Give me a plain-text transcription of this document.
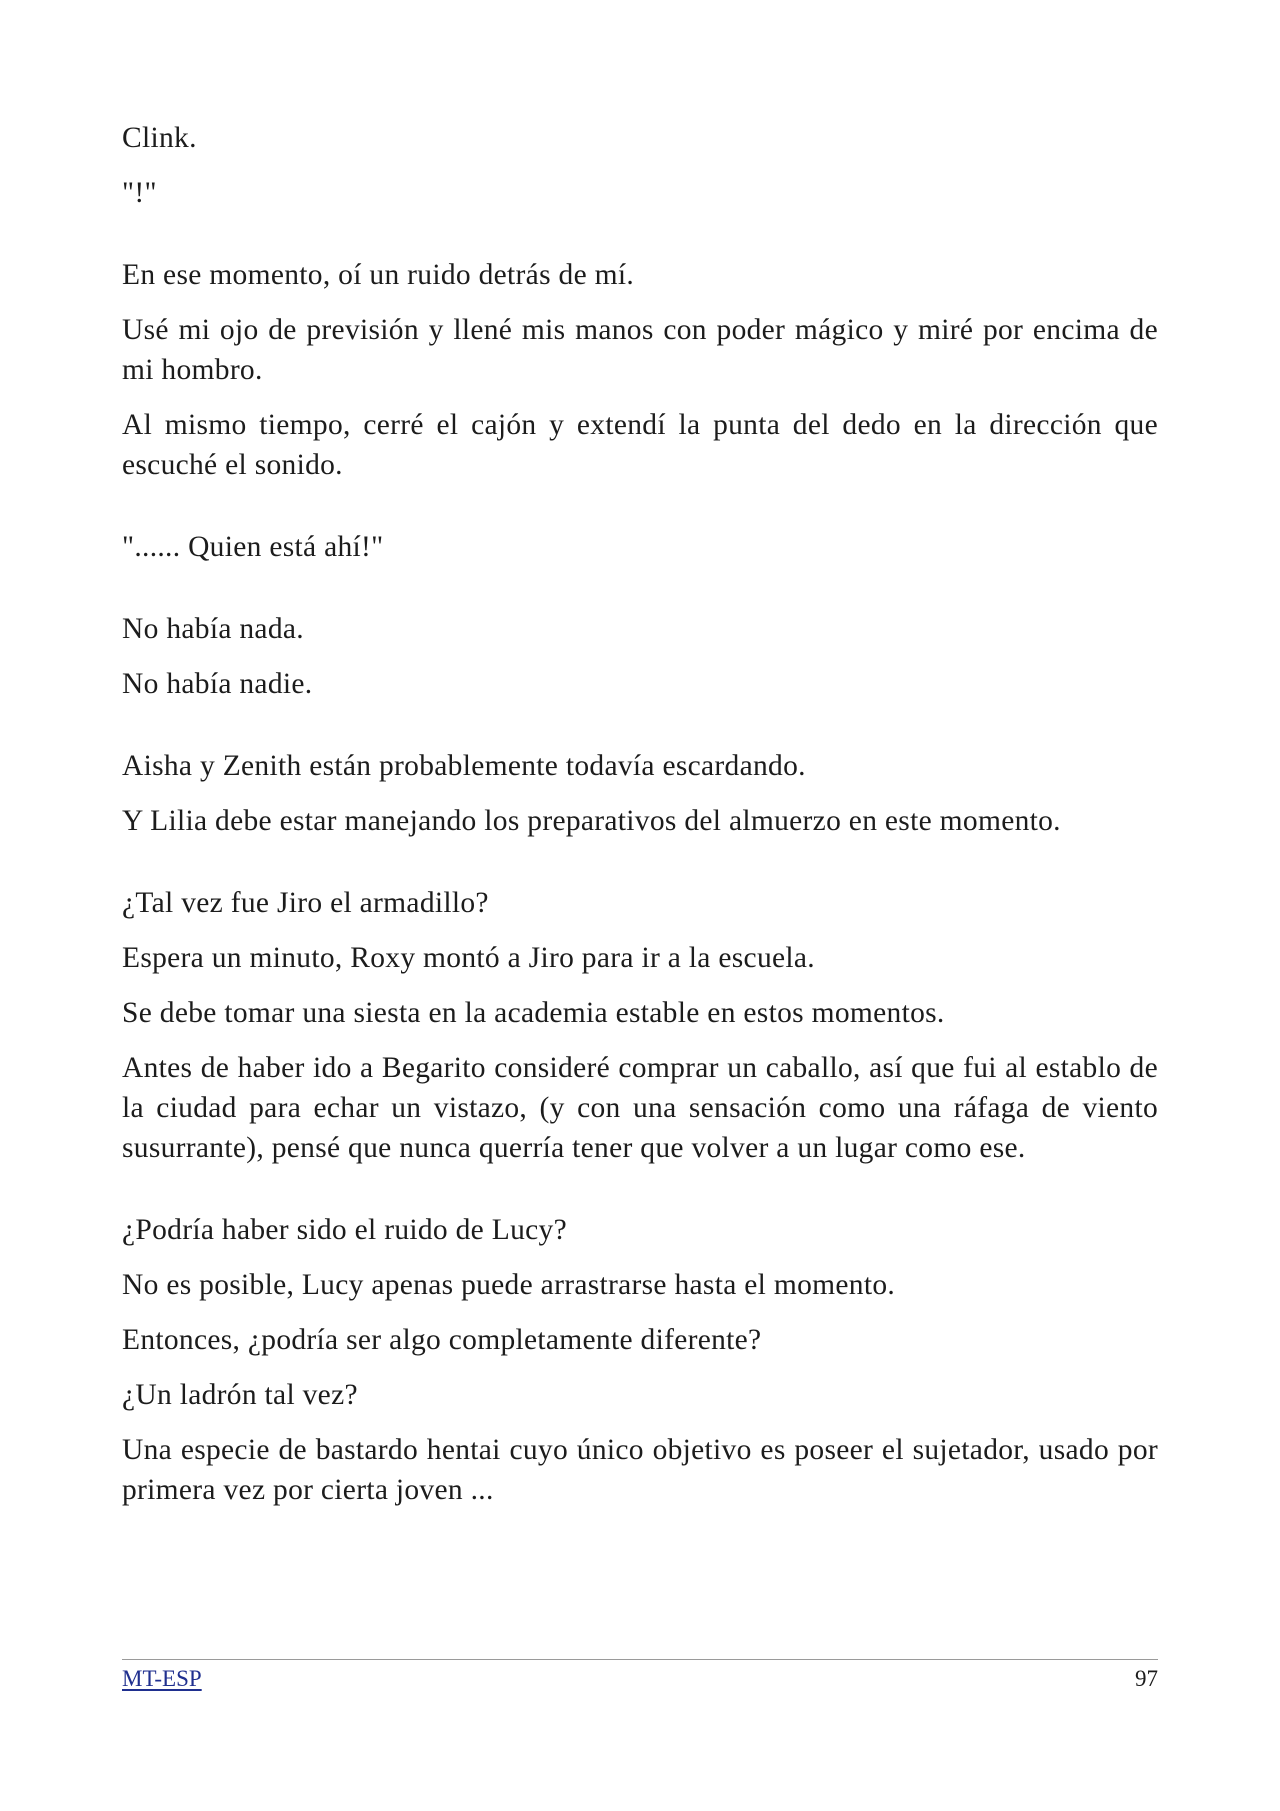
Clink.

"!"

En ese momento, oí un ruido detrás de mí.

Usé mi ojo de previsión y llené mis manos con poder mágico y miré por encima de mi hombro.

Al mismo tiempo, cerré el cajón y extendí la punta del dedo en la dirección que escuché el sonido.

"...... Quien está ahí!"

No había nada.

No había nadie.

Aisha y Zenith están probablemente todavía escardando.

Y Lilia debe estar manejando los preparativos del almuerzo en este momento.

¿Tal vez fue Jiro el armadillo?

Espera un minuto, Roxy montó a Jiro para ir a la escuela.

Se debe tomar una siesta en la academia estable en estos momentos.

Antes de haber ido a Begarito consideré comprar un caballo, así que fui al establo de la ciudad para echar un vistazo, (y con una sensación como una ráfaga de viento susurrante), pensé que nunca querría tener que volver a un lugar como ese.

¿Podría haber sido el ruido de Lucy?

No es posible, Lucy apenas puede arrastrarse hasta el momento.

Entonces, ¿podría ser algo completamente diferente?

¿Un ladrón tal vez?

Una especie de bastardo hentai cuyo único objetivo es poseer el sujetador, usado por primera vez por cierta joven ...

MT-ESP	97
